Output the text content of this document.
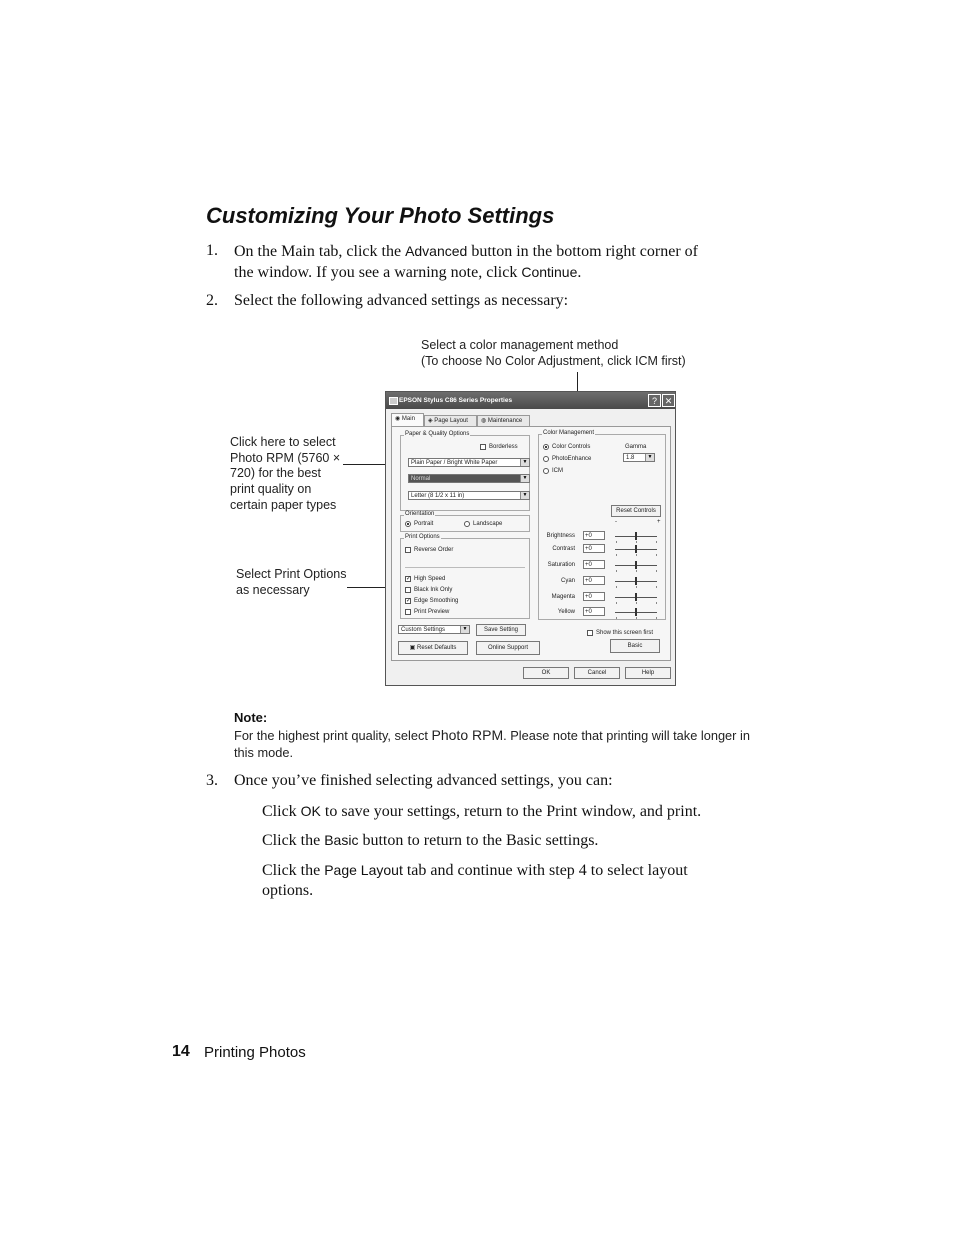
Customizing Your Photo Settings
1. On the Main tab, click the Advanced button in the bottom right corner of
the window. If you see a warning note, click Continue.
2. Select the following advanced settings as necessary:
Select a color management method
(To choose No Color Adjustment, click ICM first)
Click here to select
Photo RPM (5760 ×
720) for the best
print quality on
certain paper types
Select Print Options
as necessary
EPSON Stylus C86 Series Properties	? ✕
◉ Main	◈ Page Layout	◍ Maintenance
Paper & Quality Options
Borderless
Plain Paper / Bright White Paper	▼
Normal	▼
Letter (8 1/2 x 11 in)	▼
Orientation
Portrait	Landscape
Print Options
Reverse Order
✓ High Speed
Black Ink Only
✓ Edge Smoothing
Print Preview
Custom Settings	▼	Save Setting
▣ Reset Defaults	Online Support
Color Management
Color Controls	Gamma
1.8	▼
PhotoEnhance
ICM
Reset Controls
-	+
Brightness	+0
Contrast	+0
Saturation	+0
Cyan	+0
Magenta	+0
Yellow	+0
Show this screen first
Basic
OK	Cancel	Help
Note:
For the highest print quality, select Photo RPM. Please note that printing will take longer in this mode.
3. Once you’ve finished selecting advanced settings, you can:
Click OK to save your settings, return to the Print window, and print.
Click the Basic button to return to the Basic settings.
Click the Page Layout tab and continue with step 4 to select layout
options.
14 Printing Photos
